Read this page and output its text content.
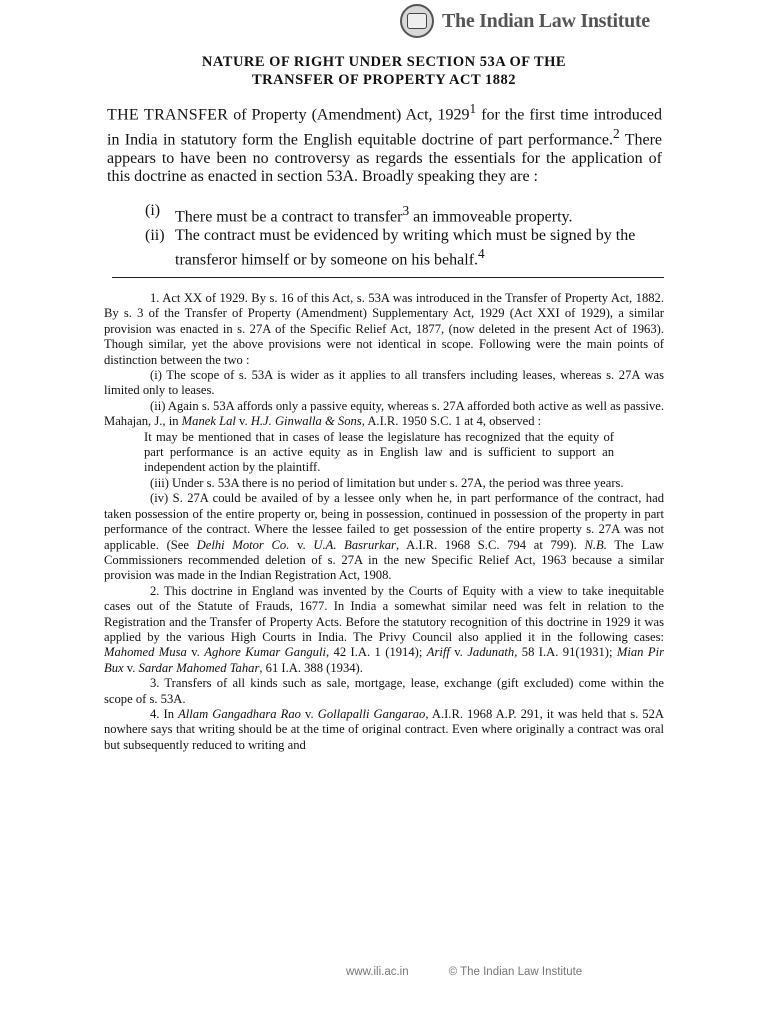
The Indian Law Institute
NATURE OF RIGHT UNDER SECTION 53A OF THE
TRANSFER OF PROPERTY ACT 1882

THE TRANSFER of Property (Amendment) Act, 1929$^1$ for the first time introduced in India in statutory form the English equitable doctrine of part performance.$^2$ There appears to have been no controversy as regards the essentials for the application of this doctrine as enacted in section 53A. Broadly speaking they are :

(i) There must be a contract to transfer$^3$ an immoveable property.
(ii) The contract must be evidenced by writing which must be signed by the transferor himself or by someone on his behalf.$^4$

1. Act XX of 1929. By s. 16 of this Act, s. 53A was introduced in the Transfer of Property Act, 1882. By s. 3 of the Transfer of Property (Amendment) Supplementary Act, 1929 (Act XXI of 1929), a similar provision was enacted in s. 27A of the Specific Relief Act, 1877, (now deleted in the present Act of 1963). Though similar, yet the above provisions were not identical in scope. Following were the main points of distinction between the two :

(i) The scope of s. 53A is wider as it applies to all transfers including leases, whereas s. 27A was limited only to leases.

(ii) Again s. 53A affords only a passive equity, whereas s. 27A afforded both active as well as passive. Mahajan, J., in Manek Lal v. H.J. Ginwalla & Sons, A.I.R. 1950 S.C. 1 at 4, observed :

It may be mentioned that in cases of lease the legislature has recognized that the equity of part performance is an active equity as in English law and is sufficient to support an independent action by the plaintiff.

(iii) Under s. 53A there is no period of limitation but under s. 27A, the period was three years.

(iv) S. 27A could be availed of by a lessee only when he, in part performance of the contract, had taken possession of the entire property or, being in possession, continued in possession of the property in part performance of the contract. Where the lessee failed to get possession of the entire property s. 27A was not applicable. (See Delhi Motor Co. v. U.A. Basrurkar, A.I.R. 1968 S.C. 794 at 799). N.B. The Law Commissioners recommended deletion of s. 27A in the new Specific Relief Act, 1963 because a similar provision was made in the Indian Registration Act, 1908.

2. This doctrine in England was invented by the Courts of Equity with a view to take inequitable cases out of the Statute of Frauds, 1677. In India a somewhat similar need was felt in relation to the Registration and the Transfer of Property Acts. Before the statutory recognition of this doctrine in 1929 it was applied by the various High Courts in India. The Privy Council also applied it in the following cases: Mahomed Musa v. Aghore Kumar Ganguli, 42 I.A. 1 (1914); Ariff v. Jadunath, 58 I.A. 91(1931); Mian Pir Bux v. Sardar Mahomed Tahar, 61 I.A. 388 (1934).

3. Transfers of all kinds such as sale, mortgage, lease, exchange (gift excluded) come within the scope of s. 53A.

4. In Allam Gangadhara Rao v. Gollapalli Gangarao, A.I.R. 1968 A.P. 291, it was held that s. 52A nowhere says that writing should be at the time of original contract. Even where originally a contract was oral but subsequently reduced to writing and

www.ili.ac.in	© The Indian Law Institute
